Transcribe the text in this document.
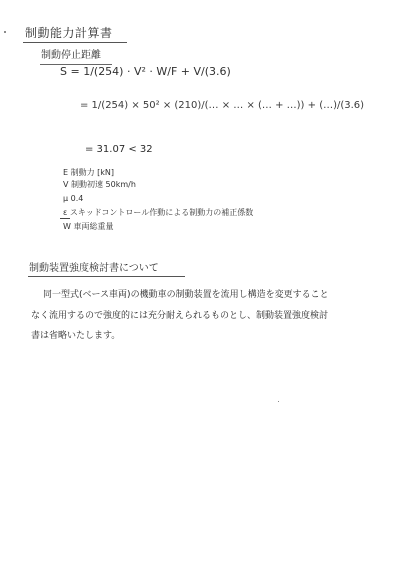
制動能力計算書
制動停止距離
S = 1/(254) · V² · W/F + V/(3.6)
= 1/(254) × 50² × (210)/(… × … × (… + …)) + (…)/(3.6)
= 31.07 < 32
E 制動力 [kN]
V 制動初速 50km/h
μ 0.4
ε スキッドコントロール作動による制動力の補正係数
W 車両総重量
制動装置強度検討書について
同一型式(ベース車両)の機動車の制動装置を流用し構造を変更すること
なく流用するので強度的には充分耐えられるものとし、制動装置強度検討
書は省略いたします。
